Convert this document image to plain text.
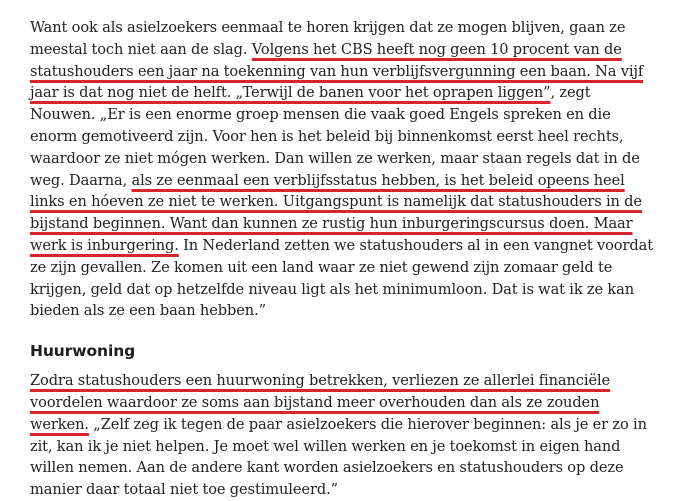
Want ook als asielzoekers eenmaal te horen krijgen dat ze mogen blijven, gaan ze meestal toch niet aan de slag. Volgens het CBS heeft nog geen 10 procent van de statushouders een jaar na toekenning van hun verblijfsvergunning een baan. Na vijf jaar is dat nog niet de helft. „Terwijl de banen voor het oprapen liggen”, zegt Nouwen. „Er is een enorme groep mensen die vaak goed Engels spreken en die enorm gemotiveerd zijn. Voor hen is het beleid bij binnenkomst eerst heel rechts, waardoor ze niet mógen werken. Dan willen ze werken, maar staan regels dat in de weg. Daarna, als ze eenmaal een verblijfsstatus hebben, is het beleid opeens heel links en hóeven ze niet te werken. Uitgangspunt is namelijk dat statushouders in de bijstand beginnen. Want dan kunnen ze rustig hun inburgeringscursus doen. Maar werk is inburgering. In Nederland zetten we statushouders al in een vangnet voordat ze zijn gevallen. Ze komen uit een land waar ze niet gewend zijn zomaar geld te krijgen, geld dat op hetzelfde niveau ligt als het minimumloon. Dat is wat ik ze kan bieden als ze een baan hebben.”

Huurwoning

Zodra statushouders een huurwoning betrekken, verliezen ze allerlei financiële voordelen waardoor ze soms aan bijstand meer overhouden dan als ze zouden werken. „Zelf zeg ik tegen de paar asielzoekers die hierover beginnen: als je er zo in zit, kan ik je niet helpen. Je moet wel willen werken en je toekomst in eigen hand willen nemen. Aan de andere kant worden asielzoekers en statushouders op deze manier daar totaal niet toe gestimuleerd.”
